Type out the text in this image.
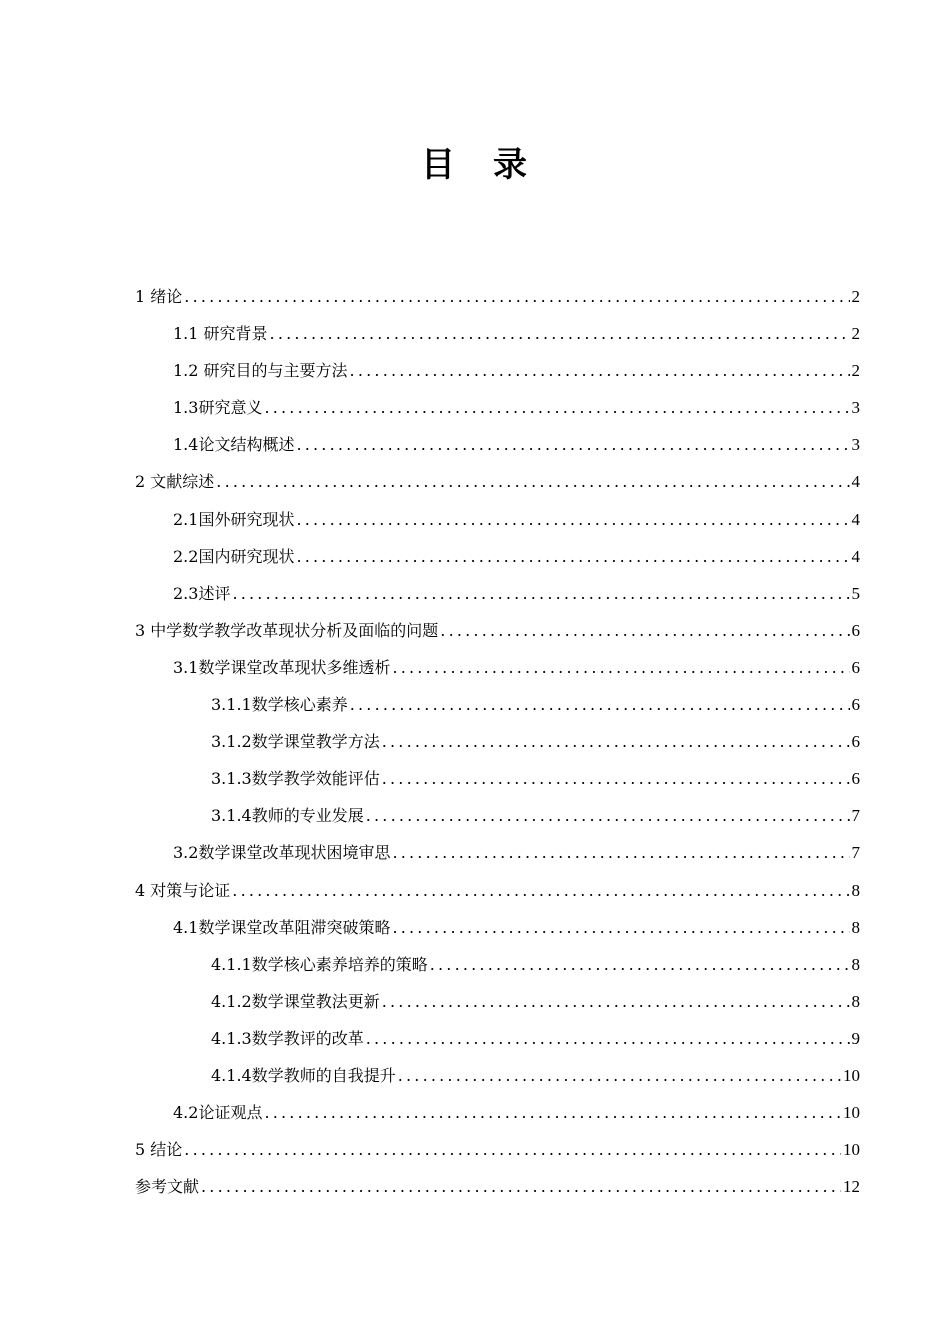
目　录
1 绪论 .....	2
1.1 研究背景 .....	2
1.2 研究目的与主要方法 .....	2
1.3研究意义 .....	3
1.4论文结构概述 .....	3
2 文献综述 .....	4
2.1国外研究现状 .....	4
2.2国内研究现状 .....	4
2.3述评 .....	5
3 中学数学教学改革现状分析及面临的问题 .....	6
3.1数学课堂改革现状多维透析 .....	6
3.1.1数学核心素养 .....	6
3.1.2数学课堂教学方法 .....	6
3.1.3数学教学效能评估 .....	6
3.1.4教师的专业发展 .....	7
3.2数学课堂改革现状困境审思 .....	7
4 对策与论证 .....	8
4.1数学课堂改革阻滞突破策略 .....	8
4.1.1数学核心素养培养的策略 .....	8
4.1.2数学课堂教法更新 .....	8
4.1.3数学教评的改革 .....	9
4.1.4数学教师的自我提升 .....	10
4.2论证观点 .....	10
5 结论 .....	10
参考文献 .....	12
